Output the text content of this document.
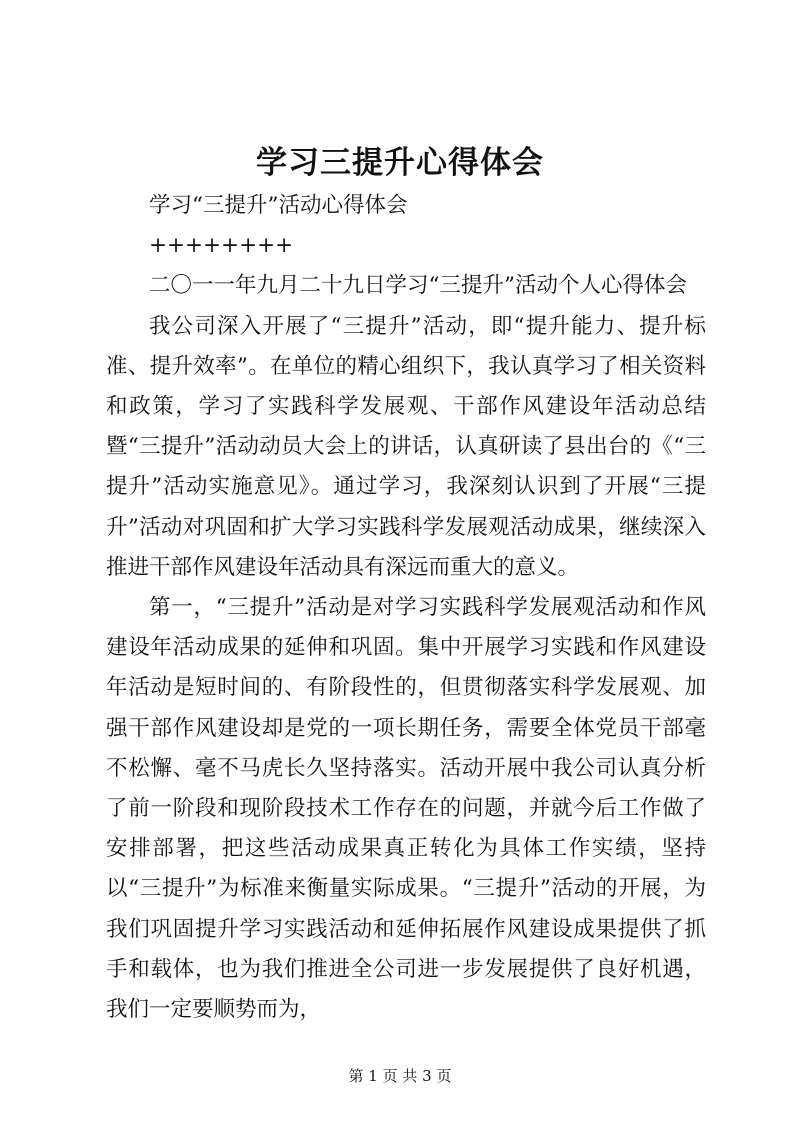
学习三提升心得体会

学习“三提升”活动心得体会

++++++++

二〇一一年九月二十九日学习“三提升”活动个人心得体会

我公司深入开展了“三提升”活动，即“提升能力、提升标准、提升效率”。在单位的精心组织下，我认真学习了相关资料和政策，学习了实践科学发展观、干部作风建设年活动总结暨“三提升”活动动员大会上的讲话，认真研读了县出台的《“三提升”活动实施意见》。通过学习，我深刻认识到了开展“三提升”活动对巩固和扩大学习实践科学发展观活动成果，继续深入推进干部作风建设年活动具有深远而重大的意义。

第一，“三提升”活动是对学习实践科学发展观活动和作风建设年活动成果的延伸和巩固。集中开展学习实践和作风建设年活动是短时间的、有阶段性的，但贯彻落实科学发展观、加强干部作风建设却是党的一项长期任务，需要全体党员干部毫不松懈、毫不马虎长久坚持落实。活动开展中我公司认真分析了前一阶段和现阶段技术工作存在的问题，并就今后工作做了安排部署，把这些活动成果真正转化为具体工作实绩，坚持以“三提升”为标准来衡量实际成果。“三提升”活动的开展，为我们巩固提升学习实践活动和延伸拓展作风建设成果提供了抓手和载体，也为我们推进全公司进一步发展提供了良好机遇，我们一定要顺势而为，

第 1 页 共 3 页
